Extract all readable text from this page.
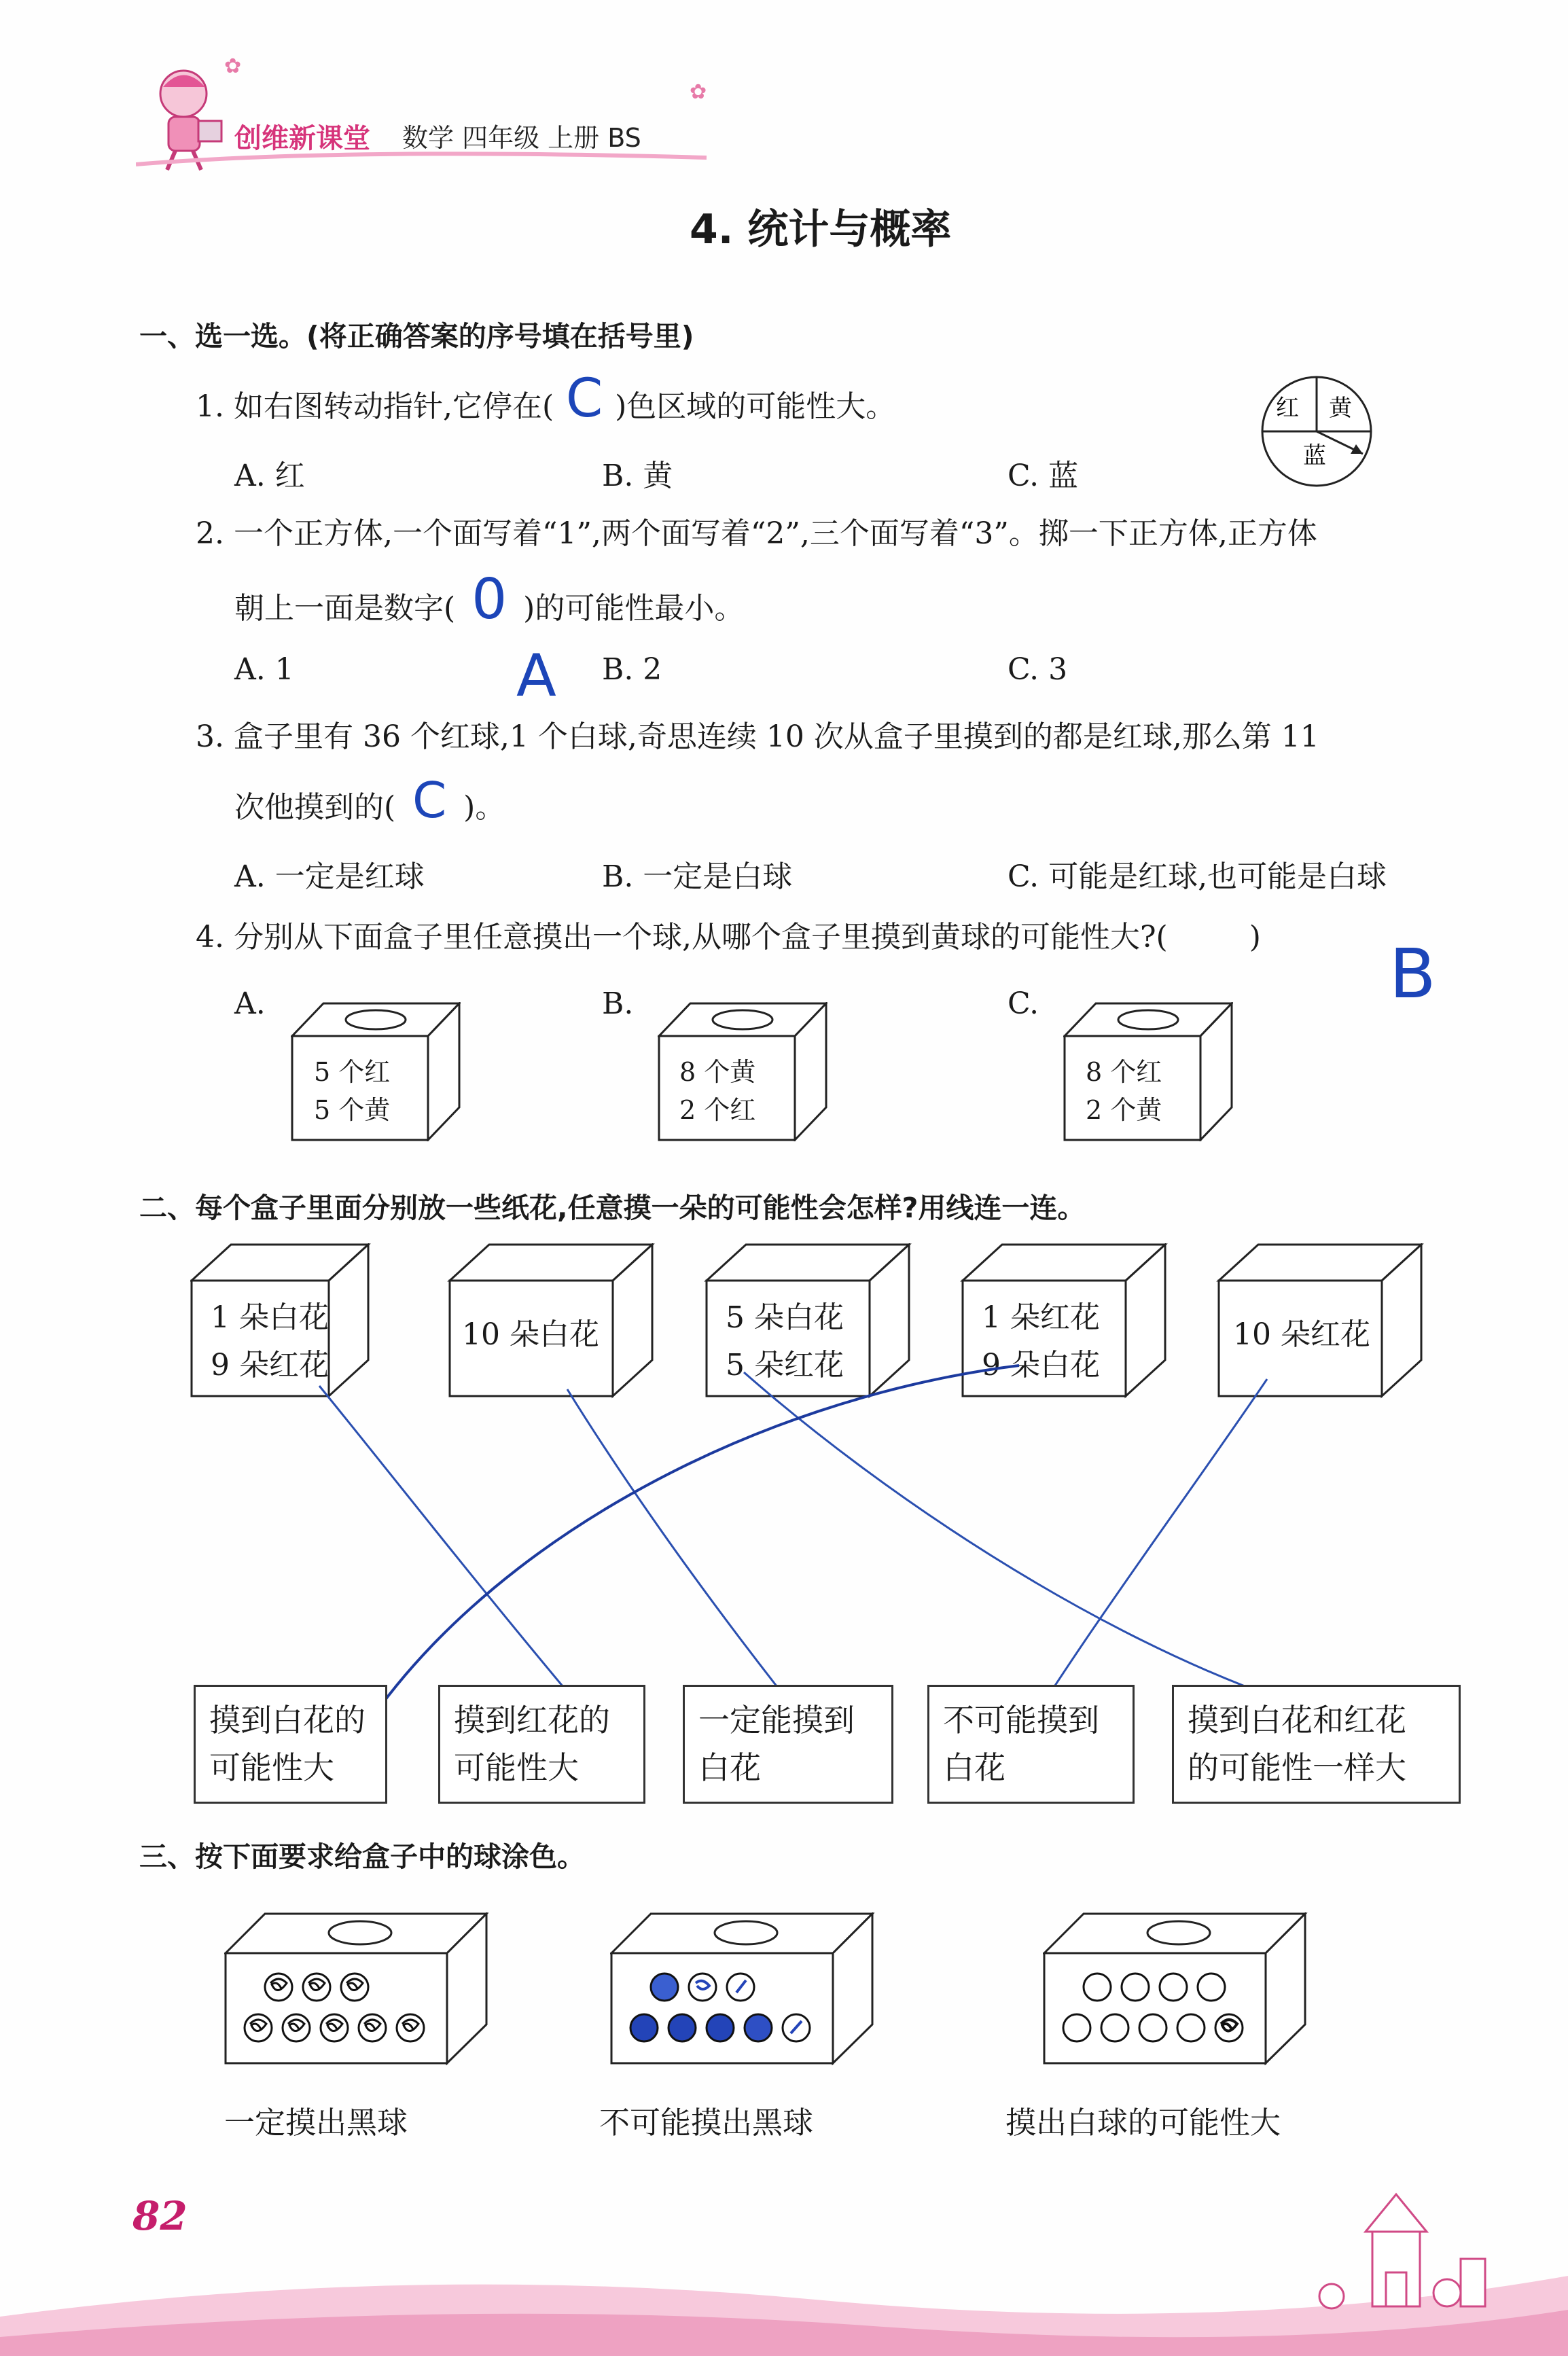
创维新课堂 数学 四年级 上册 BS
✿
✿
4. 统计与概率
一、选一选。(将正确答案的序号填在括号里)
1. 如右图转动指针,它停在( C )色区域的可能性大。	红 黄
蓝
A. 红	B. 黄	C. 蓝
2. 一个正方体,一个面写着“1”,两个面写着“2”,三个面写着“3”。掷一下正方体,正方体
朝上一面是数字( 0 )的可能性最小。
A
A. 1	B. 2	C. 3
3. 盒子里有 36 个红球,1 个白球,奇思连续 10 次从盒子里摸到的都是红球,那么第 11
次他摸到的( C )。
A. 一定是红球	B. 一定是白球	C. 可能是红球,也可能是白球
4. 分别从下面盒子里任意摸出一个球,从哪个盒子里摸到黄球的可能性大?(	) B
A.	B.	C.
5 个红
5 个黄
8 个黄
2 个红
8 个红
2 个黄
二、每个盒子里面分别放一些纸花,任意摸一朵的可能性会怎样?用线连一连。
1 朵白花
9 朵红花
10 朵白花	5 朵白花
5 朵红花
1 朵红花
9 朵白花
10 朵红花
摸到白花的
可能性大
摸到红花的
可能性大
一定能摸到
白花
不可能摸到
白花
摸到白花和红花
的可能性一样大
三、按下面要求给盒子中的球涂色。
一定摸出黑球	不可能摸出黑球	摸出白球的可能性大
82
